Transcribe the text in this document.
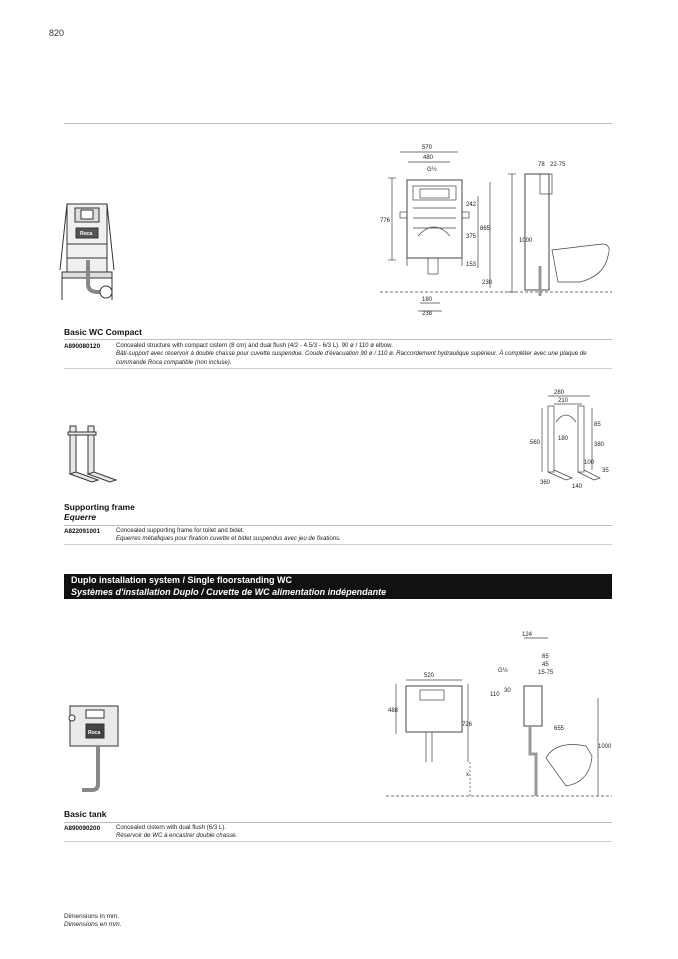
820
Roca
570
480
G½
242
776
865
375
153
230
180
238
78 22-75
1000
Basic WC Compact
A890080120	Concealed structure with compact cistern (8 cm) and dual flush (4/2 - 4.5/3 - 6/3 L). 90 ø / 110 ø elbow.
Bâti-support avec réservoir à double chasse pour cuvette suspendue. Coude d'évacuation 90 ø / 110 ø. Raccordement hydraulique supérieur. À compléter avec une plaque de commande Roca compatible (non incluse).
280
210
85
560
180
380
100
35
360
140
Supporting frame
Equerre
A822091001	Concealed supporting frame for toilet and bidet.
Equerres métalliques pour fixation cuvette et bidet suspendus avec jeu de fixations.
Duplo installation system / Single floorstanding WC
Systèmes d'installation Duplo / Cuvette de WC alimentation indépendante
Roca
520
488
726
x
124
65
45
G½	15-75
110
30
655
1000
Basic tank
A890090200	Concealed cistern with dual flush (6/3 L).
Réservoir de WC à encastrer double chasse.
Dimensions in mm.
Dimensions en mm.
